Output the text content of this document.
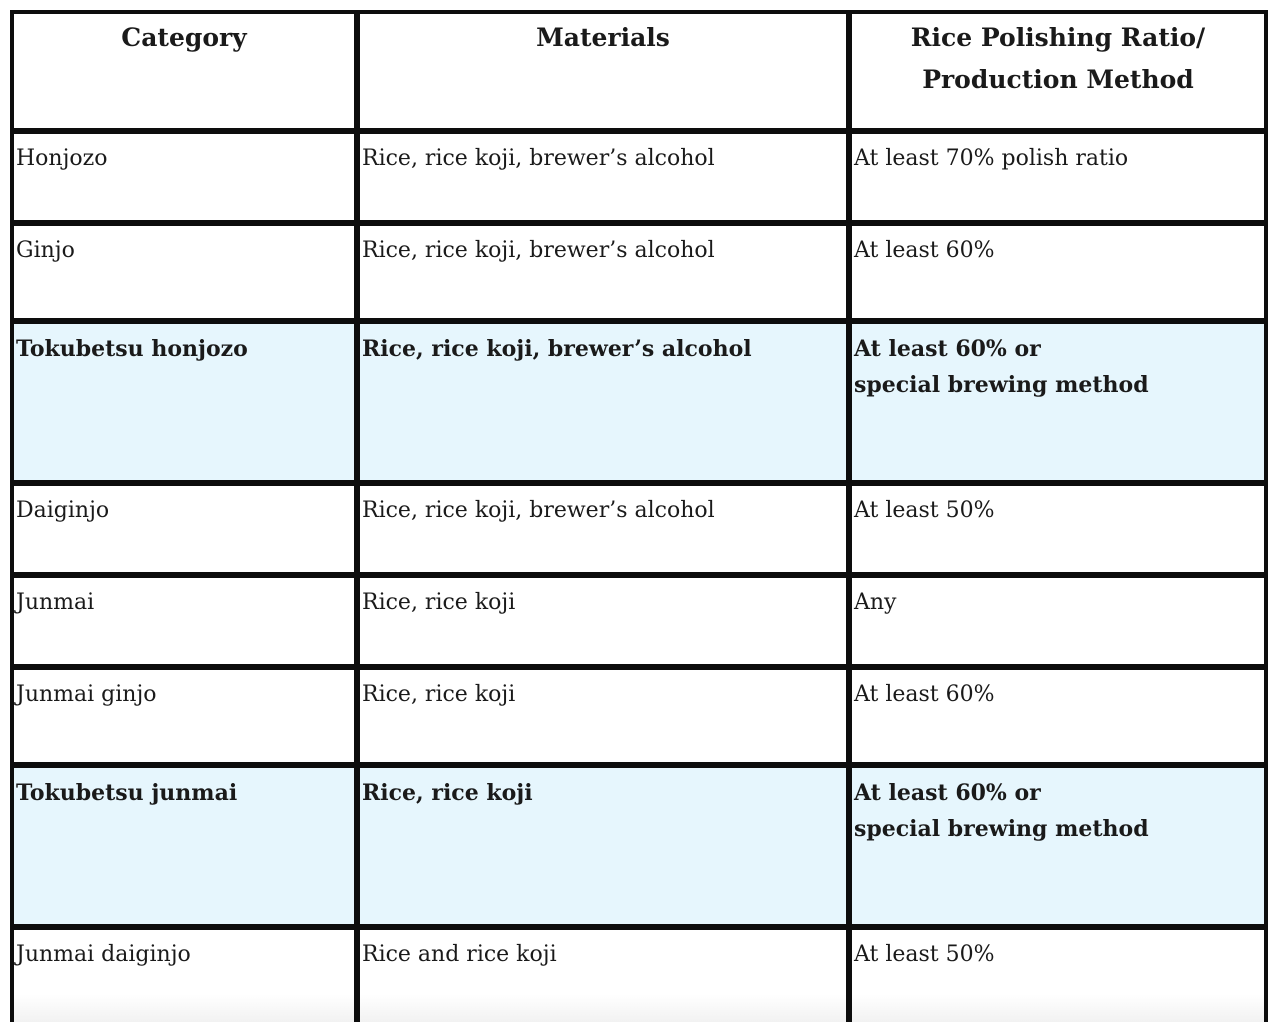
Category	Materials	Rice Polishing Ratio/
Production Method
Honjozo	Rice, rice koji, brewer’s alcohol	At least 70% polish ratio
Ginjo	Rice, rice koji, brewer’s alcohol	At least 60%
Tokubetsu honjozo	Rice, rice koji, brewer’s alcohol	At least 60% or
special brewing method
Daiginjo	Rice, rice koji, brewer’s alcohol	At least 50%
Junmai	Rice, rice koji	Any
Junmai ginjo	Rice, rice koji	At least 60%
Tokubetsu junmai	Rice, rice koji	At least 60% or
special brewing method
Junmai daiginjo	Rice and rice koji	At least 50%
